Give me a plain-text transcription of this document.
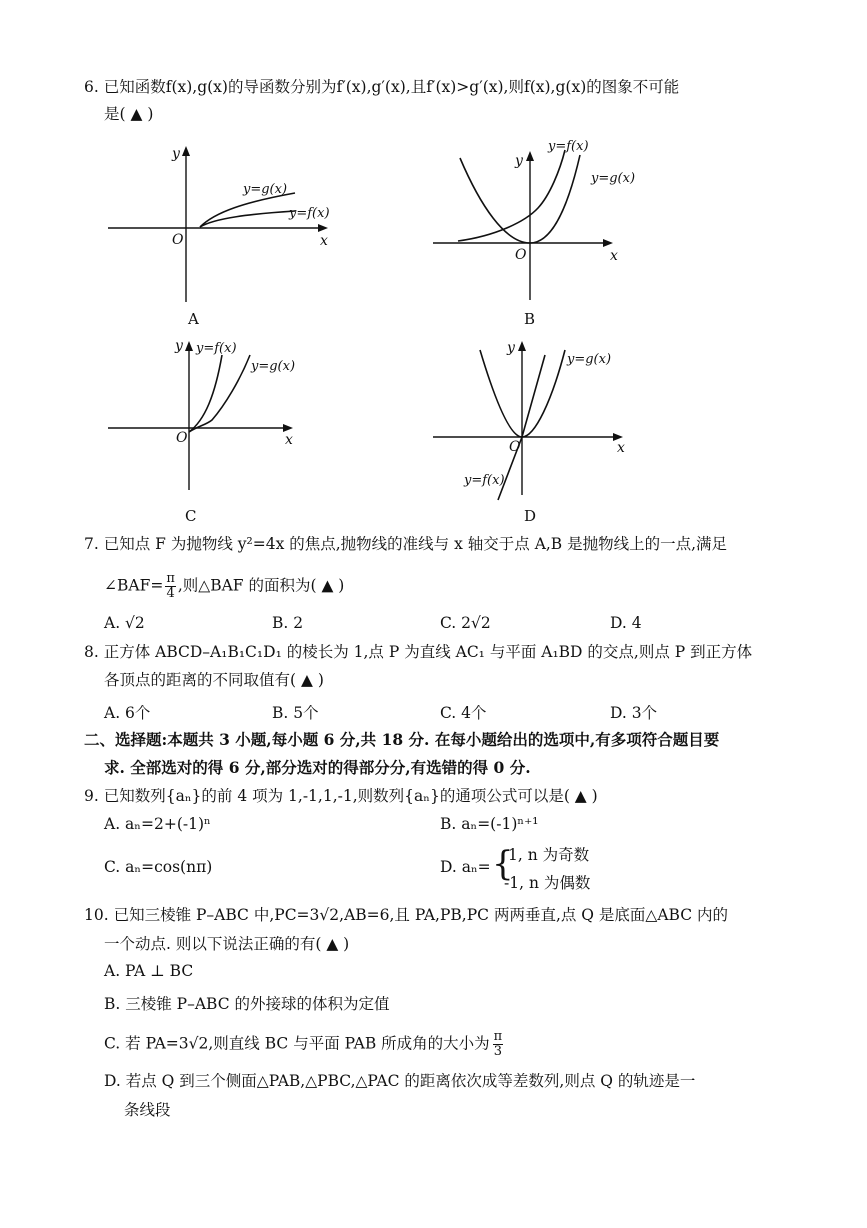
6. 已知函数f(x),g(x)的导函数分别为f′(x),g′(x),且f′(x)>g′(x),则f(x),g(x)的图象不可能
是( ▲ )
y
x
O
y=g(x)
y=f(x)
y
x
O
y=f(x)
y=g(x)
y
x
O
y=f(x)
y=g(x)
y
x
O
y=g(x)
y=f(x)
A	B
C	D
7. 已知点 F 为抛物线 y²=4x 的焦点,抛物线的准线与 x 轴交于点 A,B 是抛物线上的一点,满足
∠BAF= $\frac{\pi}{4}$ ,则△BAF 的面积为( ▲ )
A. √2	B. 2	C. 2√2	D. 4
8. 正方体 ABCD–A₁B₁C₁D₁ 的棱长为 1,点 P 为直线 AC₁ 与平面 A₁BD 的交点,则点 P 到正方体
各顶点的距离的不同取值有( ▲ )
A. 6个	B. 5个	C. 4个	D. 3个
二、选择题:本题共 3 小题,每小题 6 分,共 18 分. 在每小题给出的选项中,有多项符合题目要
求. 全部选对的得 6 分,部分选对的得部分分,有选错的得 0 分.
9. 已知数列{aₙ}的前 4 项为 1,-1,1,-1,则数列{aₙ}的通项公式可以是( ▲ )
A. aₙ=2+(-1)ⁿ	B. aₙ=(-1)ⁿ⁺¹
C. aₙ=cos(nπ)	D. aₙ= {
1, n 为奇数
-1, n 为偶数
10. 已知三棱锥 P–ABC 中,PC=3√2,AB=6,且 PA,PB,PC 两两垂直,点 Q 是底面△ABC 内的
一个动点. 则以下说法正确的有( ▲ )
A. PA ⊥ BC
B. 三棱锥 P–ABC 的外接球的体积为定值
C. 若 PA=3√2,则直线 BC 与平面 PAB 所成角的大小为 $\frac{\pi}{3}$
D. 若点 Q 到三个侧面△PAB,△PBC,△PAC 的距离依次成等差数列,则点 Q 的轨迹是一
条线段
